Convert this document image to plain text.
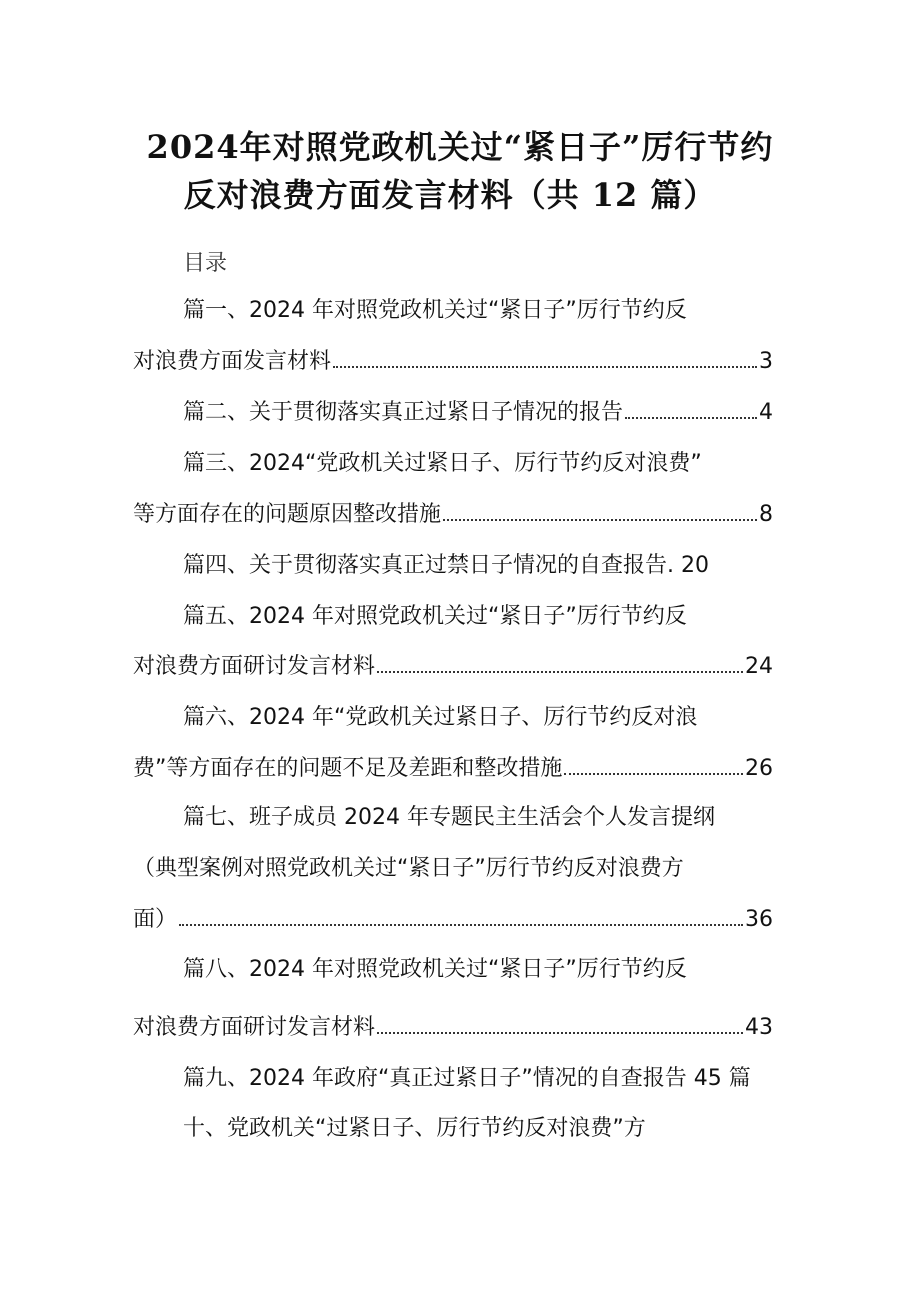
2024年对照党政机关过“紧日子”厉行节约
反对浪费方面发言材料（共 12 篇）
目录
篇一、2024 年对照党政机关过“紧日子”厉行节约反
对浪费方面发言材料	3
篇二、关于贯彻落实真正过紧日子情况的报告	4
篇三、2024“党政机关过紧日子、厉行节约反对浪费”
等方面存在的问题原因整改措施	8
篇四、关于贯彻落实真正过禁日子情况的自查报告. 20
篇五、2024 年对照党政机关过“紧日子”厉行节约反
对浪费方面研讨发言材料	24
篇六、2024 年“党政机关过紧日子、厉行节约反对浪
费”等方面存在的问题不足及差距和整改措施	26
篇七、班子成员 2024 年专题民主生活会个人发言提纲
（典型案例对照党政机关过“紧日子”厉行节约反对浪费方
面）	36
篇八、2024 年对照党政机关过“紧日子”厉行节约反
对浪费方面研讨发言材料	43
篇九、2024 年政府“真正过紧日子”情况的自查报告 45 篇
十、党政机关“过紧日子、厉行节约反对浪费”方
